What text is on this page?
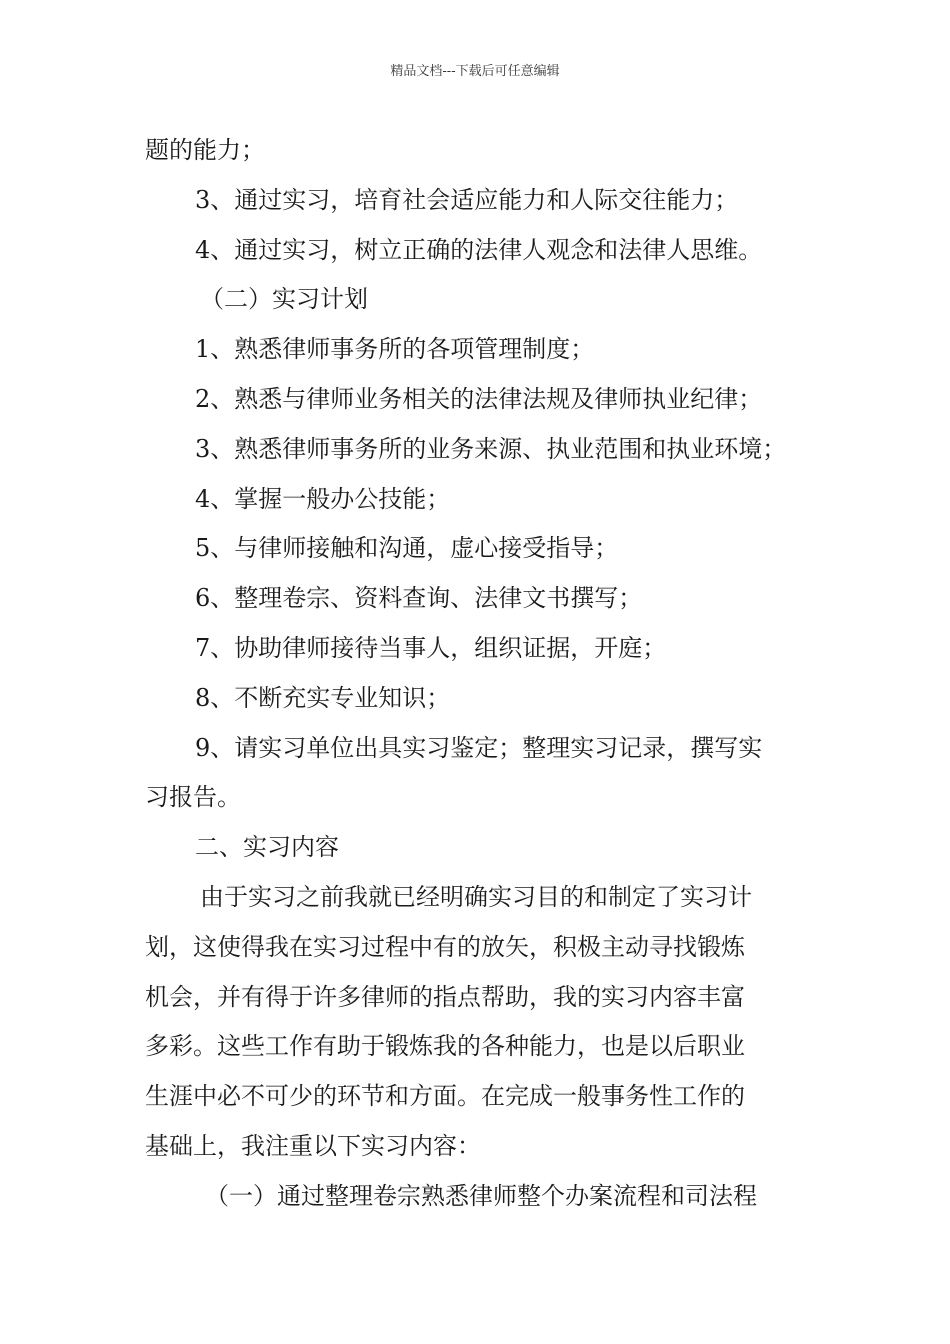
精品文档---下载后可任意编辑
题的能力；
3、通过实习，培育社会适应能力和人际交往能力；
4、通过实习，树立正确的法律人观念和法律人思维。
（二）实习计划
1、熟悉律师事务所的各项管理制度；
2、熟悉与律师业务相关的法律法规及律师执业纪律；
3、熟悉律师事务所的业务来源、执业范围和执业环境；
4、掌握一般办公技能；
5、与律师接触和沟通，虚心接受指导；
6、整理卷宗、资料查询、法律文书撰写；
7、协助律师接待当事人，组织证据，开庭；
8、不断充实专业知识；
9、请实习单位出具实习鉴定；整理实习记录，撰写实
习报告。
二、实习内容
由于实习之前我就已经明确实习目的和制定了实习计
划，这使得我在实习过程中有的放矢，积极主动寻找锻炼
机会，并有得于许多律师的指点帮助，我的实习内容丰富
多彩。这些工作有助于锻炼我的各种能力，也是以后职业
生涯中必不可少的环节和方面。在完成一般事务性工作的
基础上，我注重以下实习内容：
（一）通过整理卷宗熟悉律师整个办案流程和司法程
